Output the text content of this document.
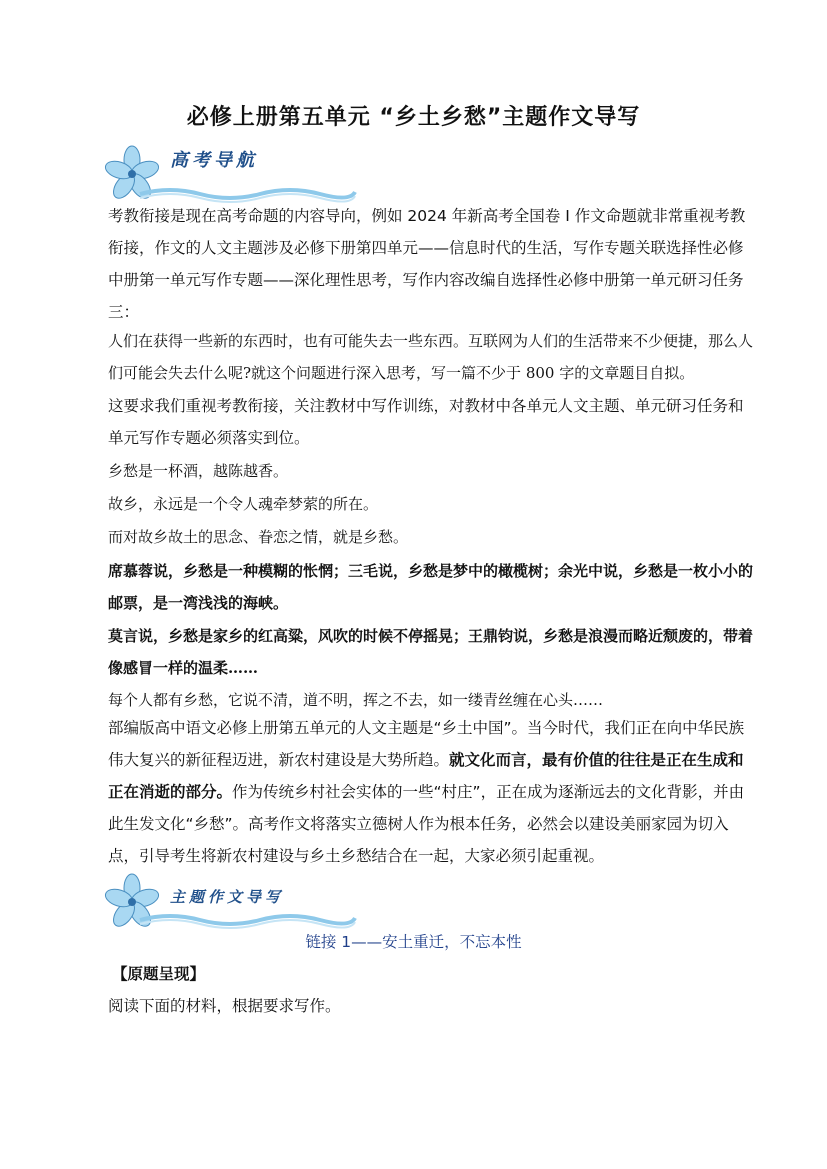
必修上册第五单元 “乡土乡愁”主题作文导写
高考导航

考教衔接是现在高考命题的内容导向，例如 2024 年新高考全国卷 I 作文命题就非常重视考教衔接，作文的人文主题涉及必修下册第四单元——信息时代的生活，写作专题关联选择性必修中册第一单元写作专题——深化理性思考，写作内容改编自选择性必修中册第一单元研习任务三：

人们在获得一些新的东西时，也有可能失去一些东西。互联网为人们的生活带来不少便捷，那么人们可能会失去什么呢?就这个问题进行深入思考，写一篇不少于 800 字的文章题目自拟。

这要求我们重视考教衔接，关注教材中写作训练，对教材中各单元人文主题、单元研习任务和单元写作专题必须落实到位。

乡愁是一杯酒，越陈越香。

故乡，永远是一个令人魂牵梦萦的所在。

而对故乡故土的思念、眷恋之情，就是乡愁。

席慕蓉说，乡愁是一种模糊的怅惘；三毛说，乡愁是梦中的橄榄树；余光中说，乡愁是一枚小小的邮票，是一湾浅浅的海峡。

莫言说，乡愁是家乡的红高粱，风吹的时候不停摇晃；王鼎钧说，乡愁是浪漫而略近颓废的，带着像感冒一样的温柔……

每个人都有乡愁，它说不清，道不明，挥之不去，如一缕青丝缠在心头……

部编版高中语文必修上册第五单元的人文主题是“乡土中国”。当今时代，我们正在向中华民族伟大复兴的新征程迈进，新农村建设是大势所趋。就文化而言，最有价值的往往是正在生成和正在消逝的部分。作为传统乡村社会实体的一些“村庄”，正在成为逐渐远去的文化背影，并由此生发文化“乡愁”。高考作文将落实立德树人作为根本任务，必然会以建设美丽家园为切入点，引导考生将新农村建设与乡土乡愁结合在一起，大家必须引起重视。

主题作文导写
链接 1——安土重迁，不忘本性

【原题呈现】

阅读下面的材料，根据要求写作。
